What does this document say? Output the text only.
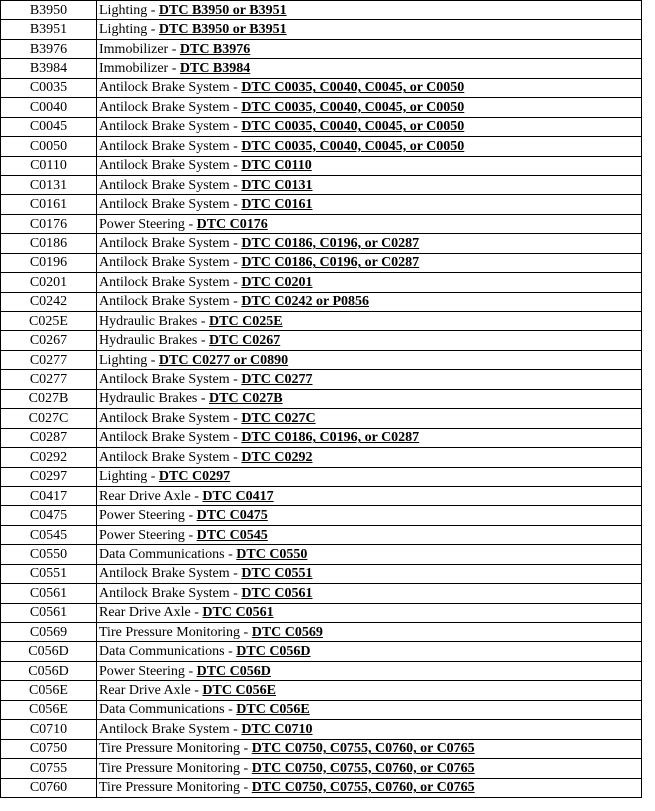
B3950	Lighting - DTC B3950 or B3951
B3951	Lighting - DTC B3950 or B3951
B3976	Immobilizer - DTC B3976
B3984	Immobilizer - DTC B3984
C0035	Antilock Brake System - DTC C0035, C0040, C0045, or C0050
C0040	Antilock Brake System - DTC C0035, C0040, C0045, or C0050
C0045	Antilock Brake System - DTC C0035, C0040, C0045, or C0050
C0050	Antilock Brake System - DTC C0035, C0040, C0045, or C0050
C0110	Antilock Brake System - DTC C0110
C0131	Antilock Brake System - DTC C0131
C0161	Antilock Brake System - DTC C0161
C0176	Power Steering - DTC C0176
C0186	Antilock Brake System - DTC C0186, C0196, or C0287
C0196	Antilock Brake System - DTC C0186, C0196, or C0287
C0201	Antilock Brake System - DTC C0201
C0242	Antilock Brake System - DTC C0242 or P0856
C025E	Hydraulic Brakes - DTC C025E
C0267	Hydraulic Brakes - DTC C0267
C0277	Lighting - DTC C0277 or C0890
C0277	Antilock Brake System - DTC C0277
C027B	Hydraulic Brakes - DTC C027B
C027C	Antilock Brake System - DTC C027C
C0287	Antilock Brake System - DTC C0186, C0196, or C0287
C0292	Antilock Brake System - DTC C0292
C0297	Lighting - DTC C0297
C0417	Rear Drive Axle - DTC C0417
C0475	Power Steering - DTC C0475
C0545	Power Steering - DTC C0545
C0550	Data Communications - DTC C0550
C0551	Antilock Brake System - DTC C0551
C0561	Antilock Brake System - DTC C0561
C0561	Rear Drive Axle - DTC C0561
C0569	Tire Pressure Monitoring - DTC C0569
C056D	Data Communications - DTC C056D
C056D	Power Steering - DTC C056D
C056E	Rear Drive Axle - DTC C056E
C056E	Data Communications - DTC C056E
C0710	Antilock Brake System - DTC C0710
C0750	Tire Pressure Monitoring - DTC C0750, C0755, C0760, or C0765
C0755	Tire Pressure Monitoring - DTC C0750, C0755, C0760, or C0765
C0760	Tire Pressure Monitoring - DTC C0750, C0755, C0760, or C0765
